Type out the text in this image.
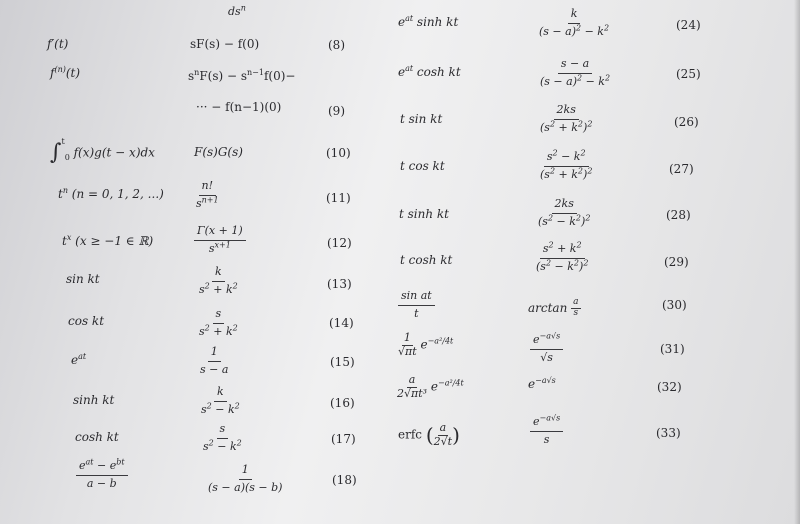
$ds^n$
f′(t)	sF(s) − f(0)	(8)
$f^{(n)}(t)$	$s^nF(s) - s^{n-1}f(0)-$
··· − f(n−1)(0)	(9)
∫$^t_0$ f(x)g(t − x)dx	F(s)G(s)	(10)
$t^n$ (n = 0, 1, 2, ...)	$\frac{n!}{s^{n+1}}$	(11)
$t^x$ (x ≥ −1 ∈ ℝ)	$\frac{\Gamma(x + 1)}{s^{x+1}}$	(12)
sin kt	$\frac{k}{s^2 + k^2}$	(13)
cos kt	$\frac{s}{s^2 + k^2}$	(14)
$e^{at}$	$\frac{1}{s - a}$	(15)
sinh kt	$\frac{k}{s^2 - k^2}$	(16)
cosh kt	$\frac{s}{s^2 - k^2}$	(17)
$e^{at} - e^{bt}$
a − b	$\frac{1}{(s - a)(s - b)}$	(18)
$e^{at}$ sinh kt	$\frac{k}{(s - a)^2 - k^2}$	(24)
$e^{at}$ cosh kt	$\frac{s - a}{(s - a)^2 - k^2}$	(25)
t sin kt	$\frac{2ks}{(s^2 + k^2)^2}$	(26)
t cos kt	$\frac{s^2 - k^2}{(s^2 + k^2)^2}$	(27)
t sinh kt	$\frac{2ks}{(s^2 - k^2)^2}$	(28)
t cosh kt	$\frac{s^2 + k^2}{(s^2 - k^2)^2}$	(29)
$\frac{\text{sin at}}{t}$	$\arctan \frac{a}{s}$	(30)
$\frac{1}{√\pi t} e^{-a^2/4t}$	$\frac{e^{-a√s}}{√s}$	(31)
$\frac{a}{\text{2√πt³}} e^{-a^2/4t}$	$e^{-a√s}$	(32)
erfc ( $\frac{a}{2√t}$ )	$\frac{e^{-a√s}}{s}$	(33)
